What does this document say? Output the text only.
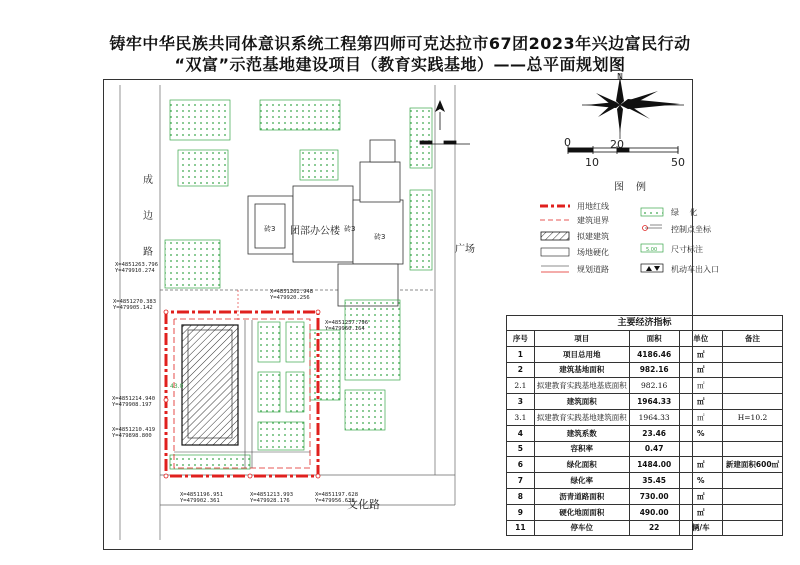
铸牢中华民族共同体意识系统工程第四师可克达拉市67团2023年兴边富民行动
“双富”示范基地建设项目（教育实践基地）——总平面规划图
5.00
成

边

路
文化路
广场
团部办公楼
砖3	砖3
砖3
43.0
X=4851263.796
Y=479910.274
X=4851270.383
Y=479905.142
X=4851262.948
Y=479920.256
X=4851257.796
Y=479960.164
X=4851214.940
Y=479908.197
X=4851210.419
Y=479898.800
X=4851196.951
Y=479902.361
X=4851213.993
Y=479928.176
X=4851197.628
Y=479956.638
N
0
10
20
50
图例
用地红线
建筑退界
拟建建筑
场地硬化
规划道路
绿 化
控制点坐标
尺寸标注
机动车出入口
主要经济指标
序号	项目	面积	单位	备注
1	项目总用地	4186.46	㎡	
2	建筑基地面积	982.16	㎡	
2.1	拟建教育实践基地基底面积	982.16	㎡	
3	建筑面积	1964.33	㎡	
3.1	拟建教育实践基地建筑面积	1964.33	㎡	H=10.2
4	建筑系数	23.46	%	
5	容积率	0.47		
6	绿化面积	1484.00	㎡	新建面积600㎡
7	绿化率	35.45	%	
8	沥青道路面积	730.00	㎡	
9	硬化地面面积	490.00	㎡	
11	停车位	22	辆/车	
